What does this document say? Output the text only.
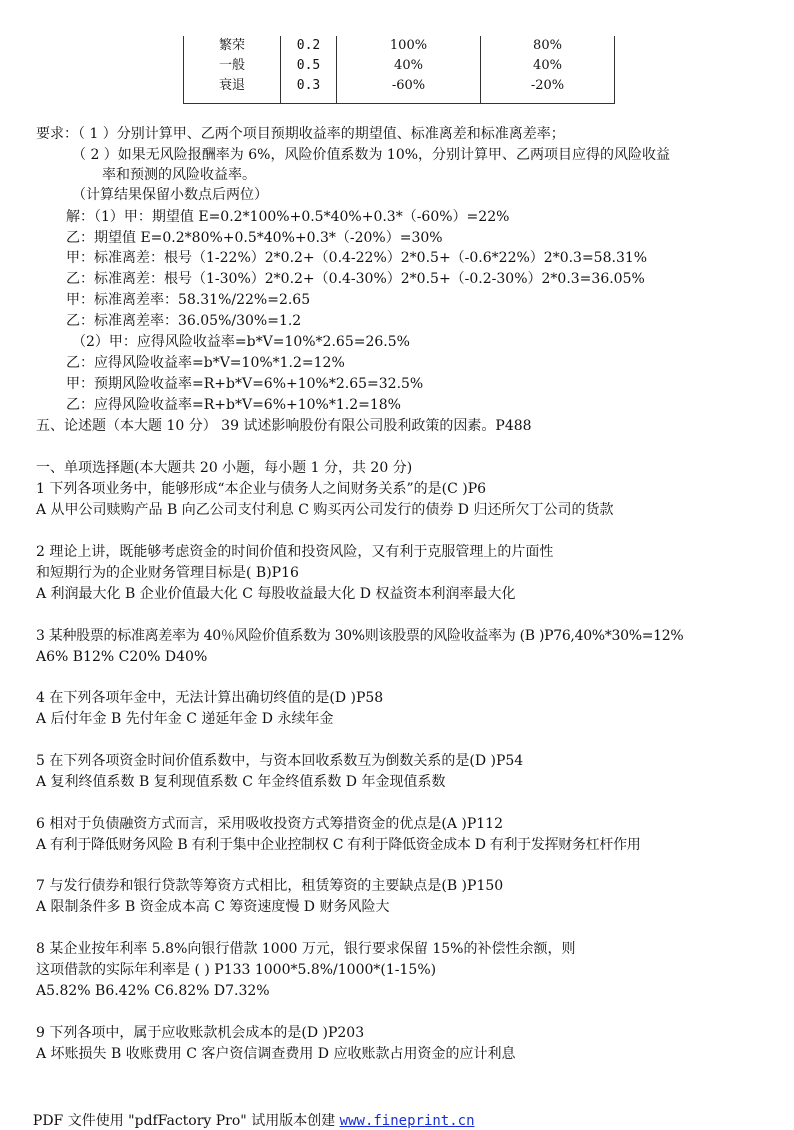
繁荣	0.2	100%	80%
一般	0.5	40%	40%
衰退	0.3	-60%	-20%
要求：（ 1 ）分别计算甲、乙两个项目预期收益率的期望值、标准离差和标准离差率；
（ 2 ）如果无风险报酬率为 6%，风险价值系数为 10%，分别计算甲、乙两项目应得的风险收益
率和预测的风险收益率。
（计算结果保留小数点后两位）
解：（1）甲：期望值 E=0.2*100%+0.5*40%+0.3*（-60%）=22%
乙：期望值 E=0.2*80%+0.5*40%+0.3*（-20%）=30%
甲：标准离差：根号（1-22%）2*0.2+（0.4-22%）2*0.5+（-0.6*22%）2*0.3=58.31%
乙：标准离差：根号（1-30%）2*0.2+（0.4-30%）2*0.5+（-0.2-30%）2*0.3=36.05%
甲：标准离差率：58.31%/22%=2.65
乙：标准离差率：36.05%/30%=1.2
（2）甲：应得风险收益率=b*V=10%*2.65=26.5%
乙：应得风险收益率=b*V=10%*1.2=12%
甲：预期风险收益率=R+b*V=6%+10%*2.65=32.5%
乙：应得风险收益率=R+b*V=6%+10%*1.2=18%
五、论述题（本大题 10 分） 39 试述影响股份有限公司股利政策的因素。P488
一、单项选择题(本大题共 20 小题，每小题 1 分，共 20 分)
1 下列各项业务中，能够形成“本企业与债务人之间财务关系”的是(C )P6
A 从甲公司赎购产品 B 向乙公司支付利息 C 购买丙公司发行的债券 D 归还所欠丁公司的货款
2 理论上讲，既能够考虑资金的时间价值和投资风险，又有利于克服管理上的片面性
和短期行为的企业财务管理目标是( B)P16
A 利润最大化 B 企业价值最大化 C 每股收益最大化 D 权益资本利润率最大化
3 某种股票的标准离差率为 40％风险价值系数为 30%则该股票的风险收益率为 (B )P76,40%*30%=12%
A6% B12% C20% D40%
4 在下列各项年金中，无法计算出确切终值的是(D )P58
A 后付年金 B 先付年金 C 递延年金 D 永续年金
5 在下列各项资金时间价值系数中，与资本回收系数互为倒数关系的是(D )P54
A 复利终值系数 B 复利现值系数 C 年金终值系数 D 年金现值系数
6 相对于负债融资方式而言，采用吸收投资方式筹措资金的优点是(A )P112
A 有利于降低财务风险 B 有利于集中企业控制权 C 有利于降低资金成本 D 有利于发挥财务杠杆作用
7 与发行债券和银行贷款等筹资方式相比，租赁筹资的主要缺点是(B )P150
A 限制条件多 B 资金成本高 C 筹资速度慢 D 财务风险大
8 某企业按年利率 5.8%向银行借款 1000 万元，银行要求保留 15%的补偿性余额，则
这项借款的实际年利率是 ( ) P133 1000*5.8%/1000*(1-15%)
A5.82% B6.42% C6.82% D7.32%
9 下列各项中，属于应收账款机会成本的是(D )P203
A 坏账损失 B 收账费用 C 客户资信调查费用 D 应收账款占用资金的应计利息

PDF 文件使用 "pdfFactory Pro" 试用版本创建 www.fineprint.cn
